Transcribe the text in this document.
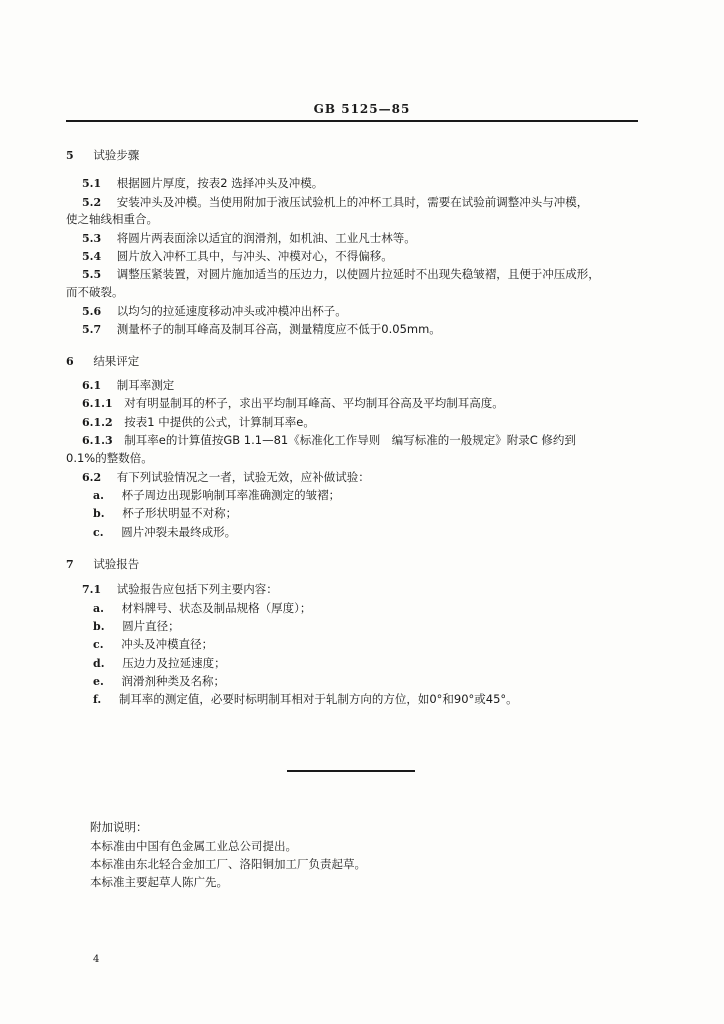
GB 5125—85
5 试验步骤
5.1 根据圆片厚度，按表2 选择冲头及冲模。
5.2 安装冲头及冲模。当使用附加于液压试验机上的冲杯工具时，需要在试验前调整冲头与冲模，
使之轴线相重合。
5.3 将圆片两表面涂以适宜的润滑剂，如机油、工业凡士林等。
5.4 圆片放入冲杯工具中，与冲头、冲模对心，不得偏移。
5.5 调整压紧装置，对圆片施加适当的压边力，以使圆片拉延时不出现失稳皱褶，且便于冲压成形，
而不破裂。
5.6 以均匀的拉延速度移动冲头或冲模冲出杯子。
5.7 测量杯子的制耳峰高及制耳谷高，测量精度应不低于0.05mm。
6 结果评定
6.1 制耳率测定
6.1.1 对有明显制耳的杯子，求出平均制耳峰高、平均制耳谷高及平均制耳高度。
6.1.2 按表1 中提供的公式，计算制耳率e。
6.1.3 制耳率e的计算值按GB 1.1—81《标准化工作导则　编写标准的一般规定》附录C 修约到
0.1%的整数倍。
6.2 有下列试验情况之一者，试验无效，应补做试验：
a. 杯子周边出现影响制耳率准确测定的皱褶；
b. 杯子形状明显不对称；
c. 圆片冲裂未最终成形。
7 试验报告
7.1 试验报告应包括下列主要内容：
a. 材料牌号、状态及制品规格（厚度）；
b. 圆片直径；
c. 冲头及冲模直径；
d. 压边力及拉延速度；
e. 润滑剂种类及名称；
f. 制耳率的测定值，必要时标明制耳相对于轧制方向的方位，如0°和90°或45°。
附加说明：
本标准由中国有色金属工业总公司提出。
本标准由东北轻合金加工厂、洛阳铜加工厂负责起草。
本标准主要起草人陈广先。
4
